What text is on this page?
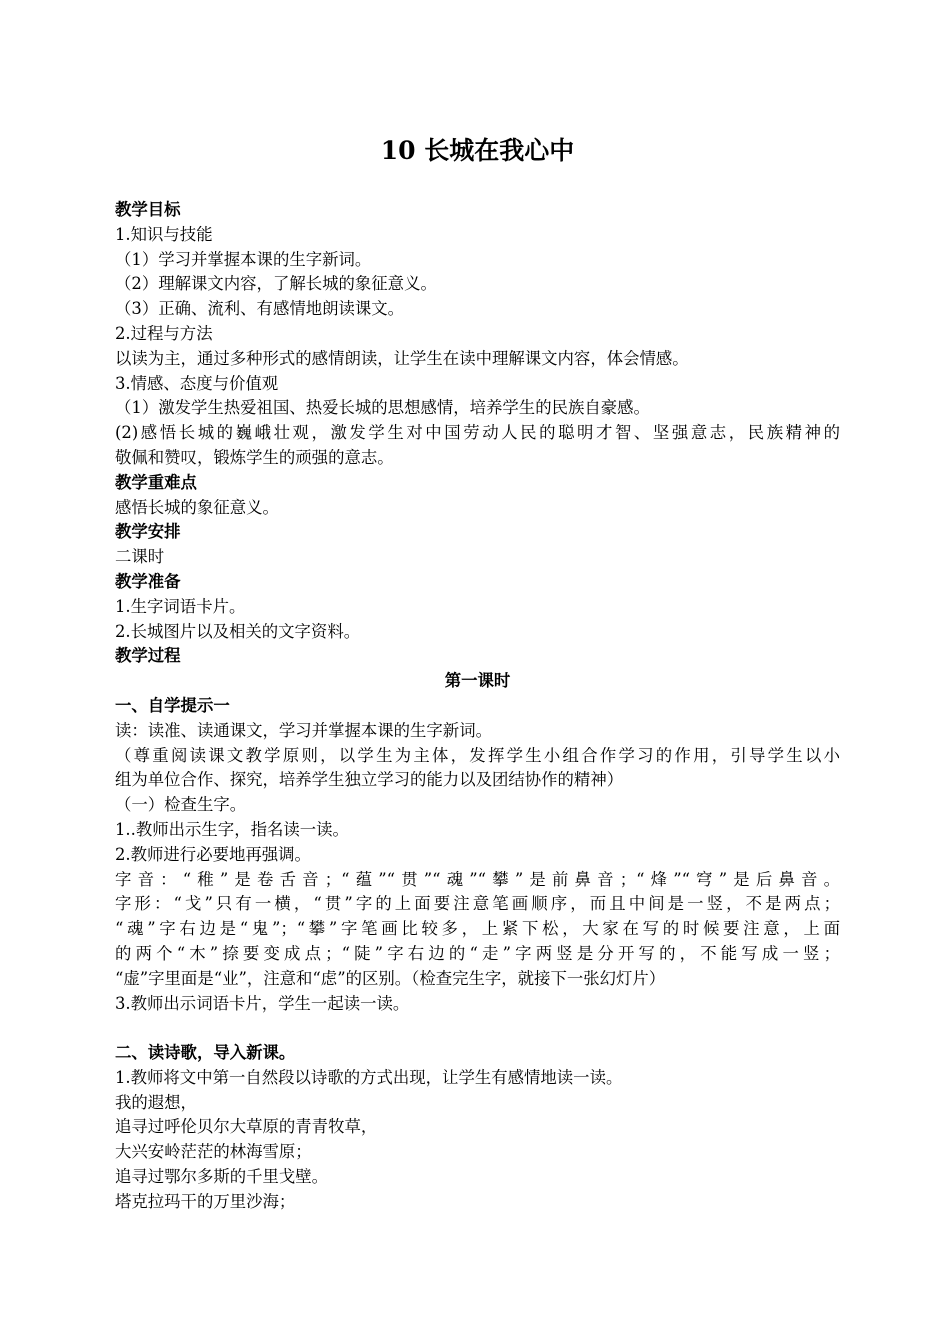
10 长城在我心中
教学目标
1.知识与技能
（1）学习并掌握本课的生字新词。
（2）理解课文内容，了解长城的象征意义。
（3）正确、流利、有感情地朗读课文。
2.过程与方法
以读为主，通过多种形式的感情朗读，让学生在读中理解课文内容，体会情感。
3.情感、态度与价值观
（1）激发学生热爱祖国、热爱长城的思想感情，培养学生的民族自豪感。
(2)感悟长城的巍峨壮观，激发学生对中国劳动人民的聪明才智、坚强意志，民族精神的
敬佩和赞叹，锻炼学生的顽强的意志。
教学重难点
感悟长城的象征意义。
教学安排
二课时
教学准备
1.生字词语卡片。
2.长城图片以及相关的文字资料。
教学过程
第一课时
一、自学提示一
读：读准、读通课文，学习并掌握本课的生字新词。
（尊重阅读课文教学原则，以学生为主体，发挥学生小组合作学习的作用，引导学生以小
组为单位合作、探究，培养学生独立学习的能力以及团结协作的精神）
（一）检查生字。
1..教师出示生字，指名读一读。
2.教师进行必要地再强调。
字音：“稚”是卷舌音；“蕴”“贯”“魂”“攀”是前鼻音；“烽”“穹”是后鼻音。
字形：“戈”只有一横，“贯”字的上面要注意笔画顺序，而且中间是一竖，不是两点；
“魂”字右边是“鬼”；“攀”字笔画比较多，上紧下松，大家在写的时候要注意，上面
的两个“木”捺要变成点；“陡”字右边的“走”字两竖是分开写的，不能写成一竖；
“虚”字里面是“业”，注意和“虑”的区别。（检查完生字，就接下一张幻灯片）
3.教师出示词语卡片，学生一起读一读。
二、读诗歌，导入新课。
1.教师将文中第一自然段以诗歌的方式出现，让学生有感情地读一读。
我的遐想，
追寻过呼伦贝尔大草原的青青牧草，
大兴安岭茫茫的林海雪原；
追寻过鄂尔多斯的千里戈壁。
塔克拉玛干的万里沙海；
